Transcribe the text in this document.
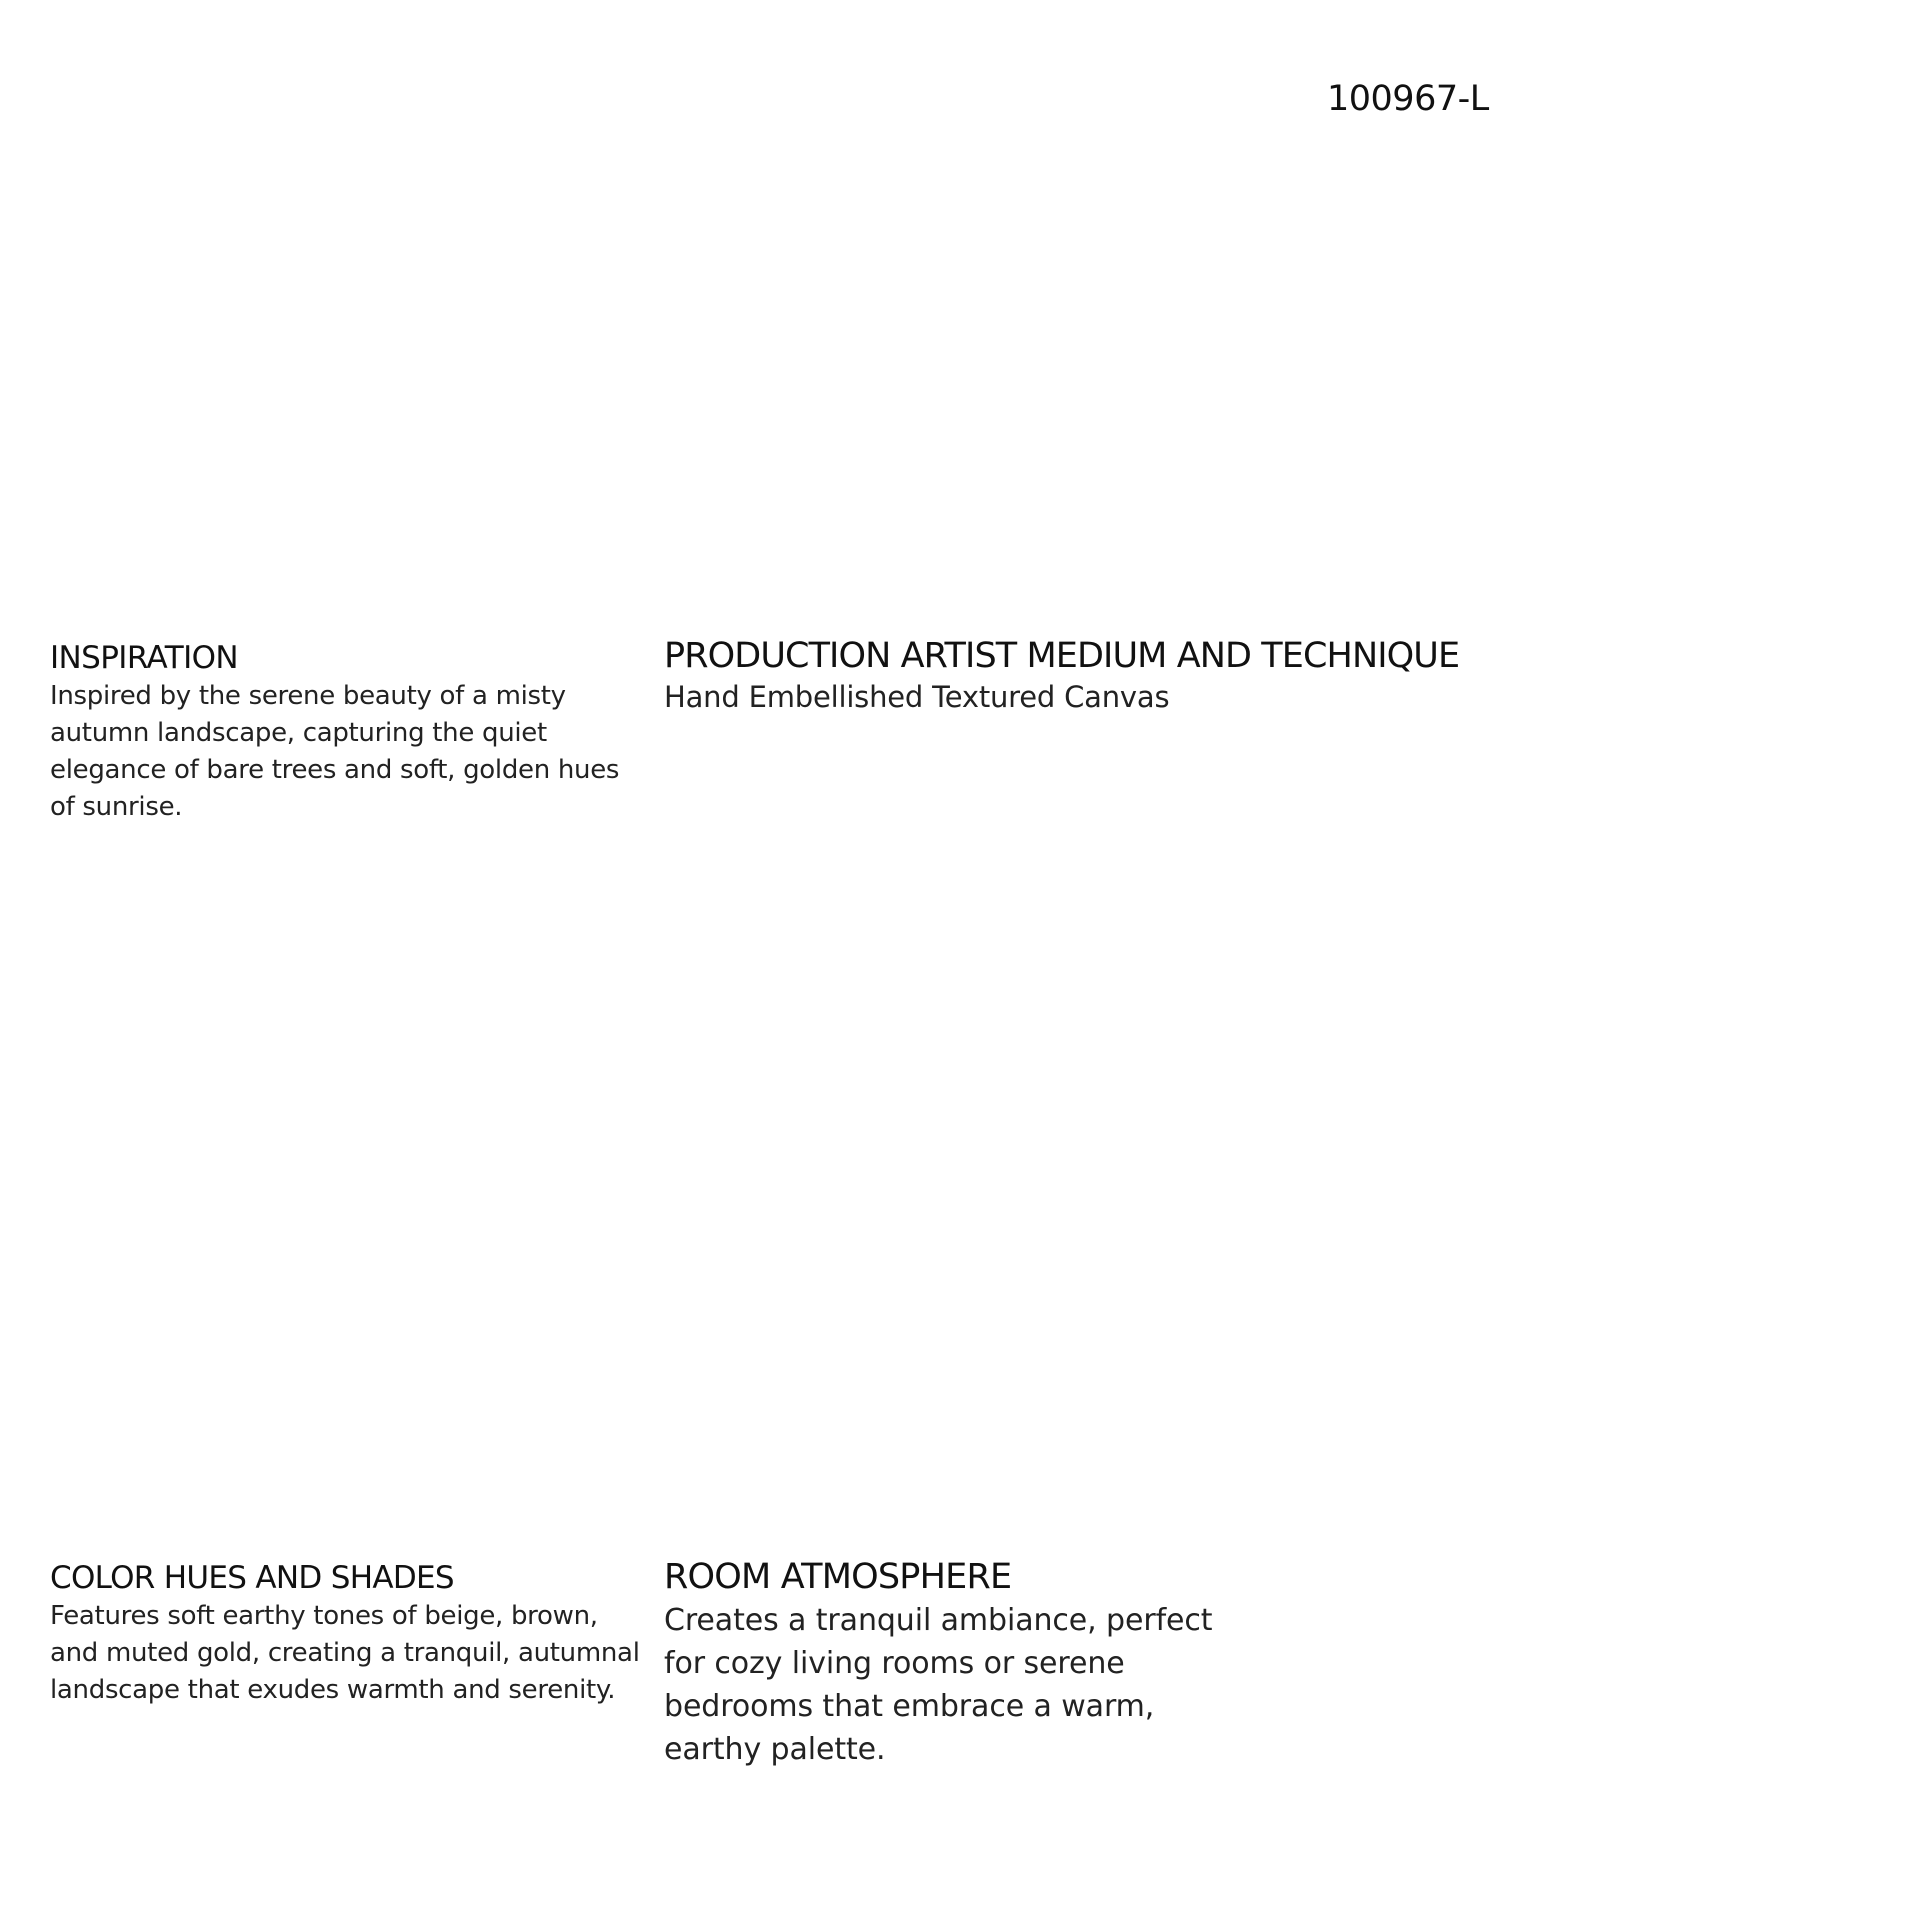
100967-L
INSPIRATION

Inspired by the serene beauty of a misty autumn landscape, capturing the quiet elegance of bare trees and soft, golden hues of sunrise.

PRODUCTION ARTIST MEDIUM AND TECHNIQUE

Hand Embellished Textured Canvas

COLOR HUES AND SHADES

Features soft earthy tones of beige, brown, and muted gold, creating a tranquil, autumnal landscape that exudes warmth and serenity.

ROOM ATMOSPHERE

Creates a tranquil ambiance, perfect for cozy living rooms or serene bedrooms that embrace a warm, earthy palette.
